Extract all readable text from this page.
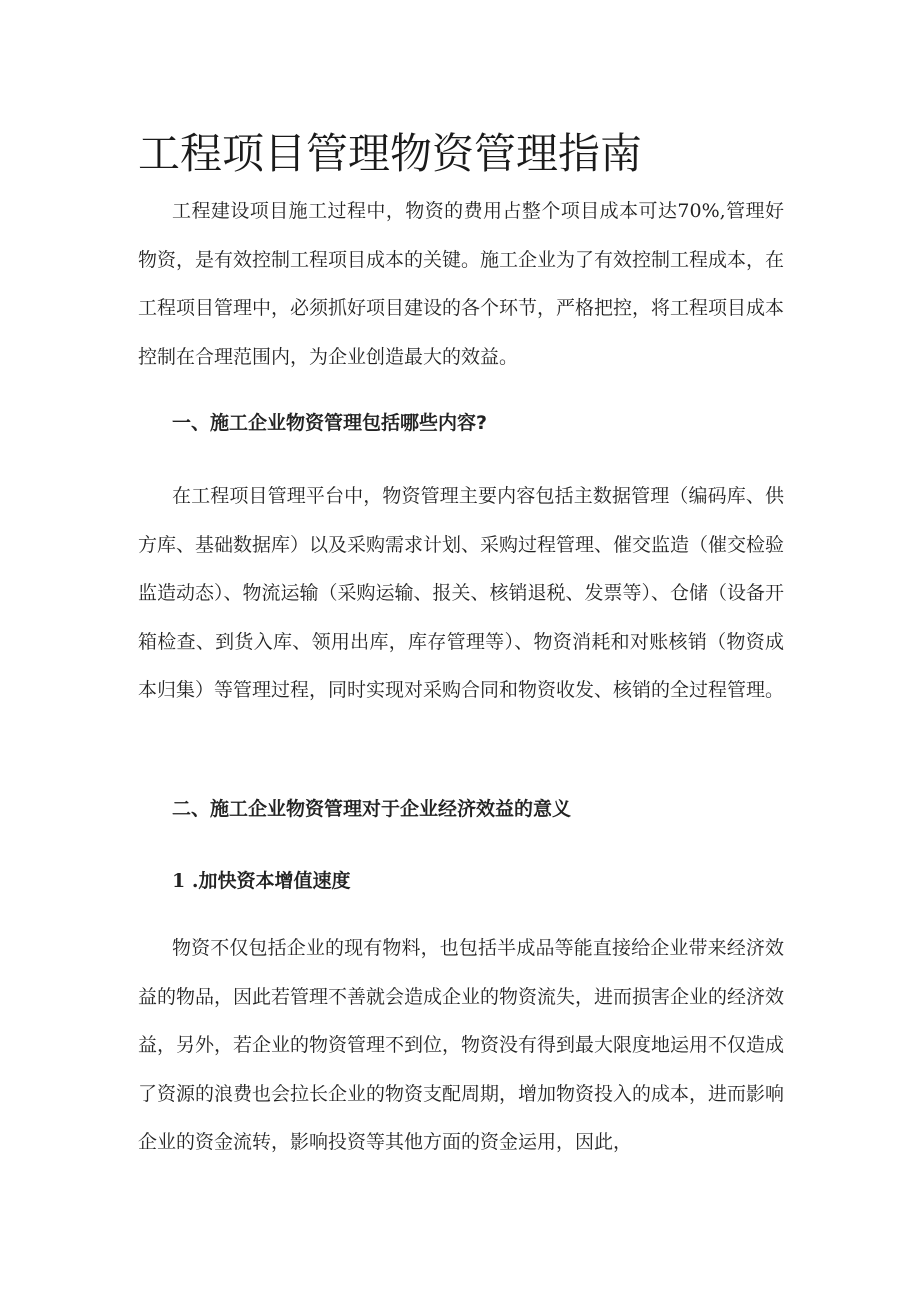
工程项目管理物资管理指南

工程建设项目施工过程中，物资的费用占整个项目成本可达70%,管理好物资，是有效控制工程项目成本的关键。施工企业为了有效控制工程成本，在工程项目管理中，必须抓好项目建设的各个环节，严格把控，将工程项目成本控制在合理范围内，为企业创造最大的效益。

一、施工企业物资管理包括哪些内容?

在工程项目管理平台中，物资管理主要内容包括主数据管理（编码库、供方库、基础数据库）以及采购需求计划、采购过程管理、催交监造（催交检验监造动态）、物流运输（采购运输、报关、核销退税、发票等）、仓储（设备开箱检查、到货入库、领用出库，库存管理等）、物资消耗和对账核销（物资成本归集）等管理过程，同时实现对采购合同和物资收发、核销的全过程管理。

二、施工企业物资管理对于企业经济效益的意义
1 .加快资本增值速度

物资不仅包括企业的现有物料，也包括半成品等能直接给企业带来经济效益的物品，因此若管理不善就会造成企业的物资流失，进而损害企业的经济效益，另外，若企业的物资管理不到位，物资没有得到最大限度地运用不仅造成了资源的浪费也会拉长企业的物资支配周期，增加物资投入的成本，进而影响企业的资金流转，影响投资等其他方面的资金运用，因此，
